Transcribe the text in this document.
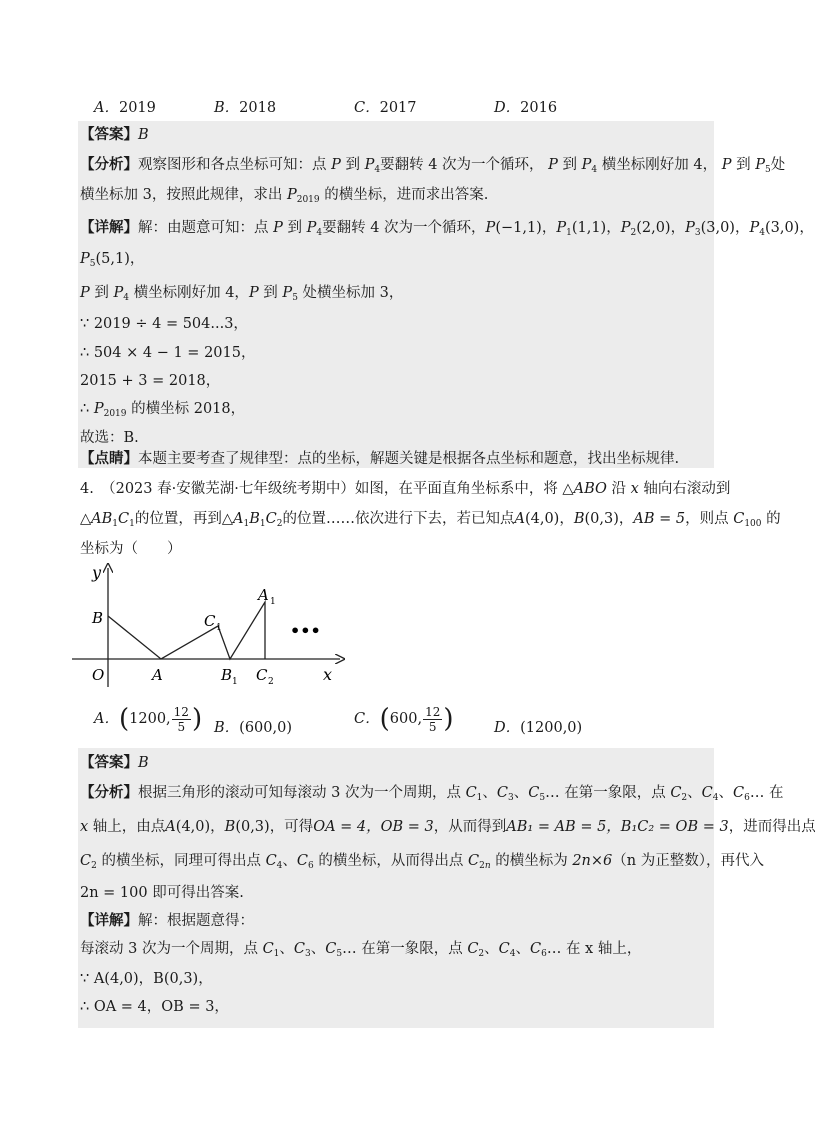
A．2019	B．2018	C．2017	D．2016
【答案】B
【分析】观察图形和各点坐标可知：点 P 到 $P_4$要翻转 4 次为一个循环， P 到 $P_4$ 横坐标刚好加 4， P 到 $P_5$处
横坐标加 3，按照此规律，求出 $P_{2019}$ 的横坐标，进而求出答案.
【详解】解：由题意可知：点 P 到 $P_4$要翻转 4 次为一个循环，P(−1,1)，$P_1(1,1)$，$P_2(2,0)$，$P_3(3,0)$，$P_4(3,0)$，
$P_5(5,1)$，
P 到 $P_4$ 横坐标刚好加 4，P 到 $P_5$ 处横坐标加 3，
∵ 2019 ÷ 4 = 504...3，
∴ 504 × 4 − 1 = 2015，
2015 + 3 = 2018，
∴ $P_{2019}$ 的横坐标 2018，
故选：B.
【点睛】本题主要考查了规律型：点的坐标，解题关键是根据各点坐标和题意，找出坐标规律.
4.　 （2023 春·安徽芜湖·七年级统考期中）如图，在平面直角坐标系中，将 △ABO 沿 x 轴向右滚动到
$\triangle AB_1C_1$的位置，再到$\triangle A_1B_1C_2$的位置……依次进行下去，若已知点A(4,0)，B(0,3)，AB = 5，则点 $C_{100}$ 的
坐标为（　　）
y
x
O
B
A
C
B
A
C
1
1
1
2
•••
A．(1200, $\frac{12}{5}$ ) B．(600,0)
C．(600, $\frac{12}{5}$ )	D．(1200,0)
【答案】B
【分析】根据三角形的滚动可知每滚动 3 次为一个周期，点 $C_1$、$C_3$、$C_5\dots$ 在第一象限，点 $C_2$、$C_4$、$C_6\dots$ 在
x 轴上，由点A(4,0)，B(0,3)，可得OA = 4，OB = 3，从而得到AB₁ = AB = 5，B₁C₂ = OB = 3，进而得出点
$C_2$ 的横坐标，同理可得出点 $C_4$、$C_6$ 的横坐标，从而得出点 $C_{2n}$ 的横坐标为 2n×6（n 为正整数），再代入
2n = 100 即可得出答案.
【详解】解：根据题意得：
每滚动 3 次为一个周期，点 $C_1$、$C_3$、$C_5\dots$ 在第一象限，点 $C_2$、$C_4$、$C_6\dots$ 在 x 轴上，
∵ A(4,0)，B(0,3)，
∴ OA = 4，OB = 3，
